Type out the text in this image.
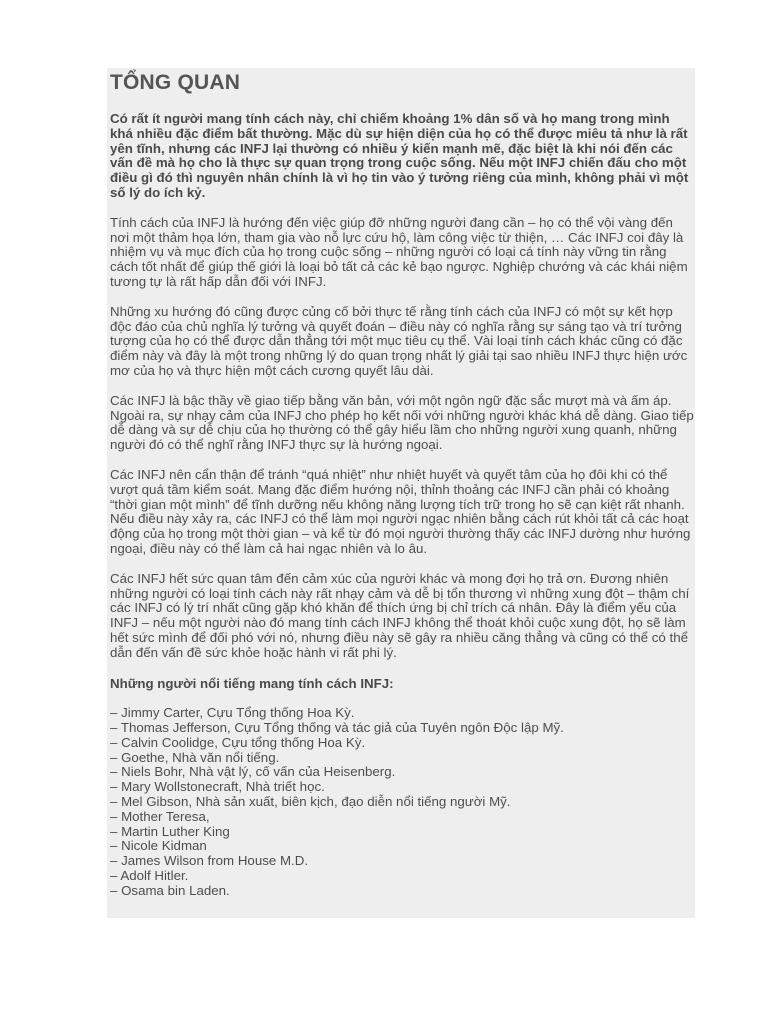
TỔNG QUAN

Có rất ít người mang tính cách này, chỉ chiếm khoảng 1% dân số và họ mang trong mình khá nhiều đặc điểm bất thường. Mặc dù sự hiện diện của họ có thể được miêu tả như là rất yên tĩnh, nhưng các INFJ lại thường có nhiều ý kiến mạnh mẽ, đặc biệt là khi nói đến các vấn đề mà họ cho là thực sự quan trọng trong cuộc sống. Nếu một INFJ chiến đấu cho một điều gì đó thì nguyên nhân chính là vì họ tin vào ý tưởng riêng của mình, không phải vì một số lý do ích kỷ.

Tính cách của INFJ là hướng đến việc giúp đỡ những người đang cần – họ có thể vội vàng đến nơi một thảm họa lớn, tham gia vào nỗ lực cứu hộ, làm công việc từ thiện, … Các INFJ coi đây là nhiệm vụ và mục đích của họ trong cuộc sống – những người có loại cá tính này vững tin rằng cách tốt nhất để giúp thế giới là loại bỏ tất cả các kẻ bạo ngược. Nghiệp chướng và các khái niệm tương tự là rất hấp dẫn đối với INFJ.

Những xu hướng đó cũng được củng cố bởi thực tế rằng tính cách của INFJ có một sự kết hợp độc đáo của chủ nghĩa lý tưởng và quyết đoán – điều này có nghĩa rằng sự sáng tạo và trí tưởng tượng của họ có thể được dẫn thẳng tới một mục tiêu cụ thể. Vài loại tính cách khác cũng có đặc điểm này và đây là một trong những lý do quan trọng nhất lý giải tại sao nhiều INFJ thực hiện ước mơ của họ và thực hiện một cách cương quyết lâu dài.

Các INFJ là bậc thầy về giao tiếp bằng văn bản, với một ngôn ngữ đặc sắc mượt mà và ấm áp. Ngoài ra, sự nhạy cảm của INFJ cho phép họ kết nối với những người khác khá dễ dàng. Giao tiếp dễ dàng và sự dễ chịu của họ thường có thể gây hiểu lầm cho những người xung quanh, những người đó có thể nghĩ rằng INFJ thực sự là hướng ngoại.

Các INFJ nên cẩn thận để tránh “quá nhiệt” như nhiệt huyết và quyết tâm của họ đôi khi có thể vượt quá tầm kiểm soát. Mang đặc điểm hướng nội, thỉnh thoảng các INFJ cần phải có khoảng “thời gian một mình” để tĩnh dưỡng nếu không năng lượng tích trữ trong họ sẽ cạn kiệt rất nhanh. Nếu điều này xảy ra, các INFJ có thể làm mọi người ngạc nhiên bằng cách rút khỏi tất cả các hoạt động của họ trong một thời gian – và kể từ đó mọi người thường thấy các INFJ dường như hướng ngoại, điều này có thể làm cả hai ngạc nhiên và lo âu.

Các INFJ hết sức quan tâm đến cảm xúc của người khác và mong đợi họ trả ơn. Đương nhiên những người có loại tính cách này rất nhạy cảm và dễ bị tổn thương vì những xung đột – thậm chí các INFJ có lý trí nhất cũng gặp khó khăn để thích ứng bị chỉ trích cá nhân. Đây là điểm yếu của INFJ – nếu một người nào đó mang tính cách INFJ không thể thoát khỏi cuộc xung đột, họ sẽ làm hết sức mình để đối phó với nó, nhưng điều này sẽ gây ra nhiều căng thẳng và cũng có thể có thể dẫn đến vấn đề sức khỏe hoặc hành vi rất phi lý.

Những người nổi tiếng mang tính cách INFJ:

– Jimmy Carter, Cựu Tổng thống Hoa Kỳ.
– Thomas Jefferson, Cựu Tổng thống và tác giả của Tuyên ngôn Độc lập Mỹ.
– Calvin Coolidge, Cựu tổng thống Hoa Kỳ.
– Goethe, Nhà văn nổi tiếng.
– Niels Bohr, Nhà vật lý, cố vấn của Heisenberg.
– Mary Wollstonecraft, Nhà triết học.
– Mel Gibson, Nhà sản xuất, biên kịch, đạo diễn nổi tiếng người Mỹ.
– Mother Teresa,
– Martin Luther King
– Nicole Kidman
– James Wilson from House M.D.
– Adolf Hitler.
– Osama bin Laden.
